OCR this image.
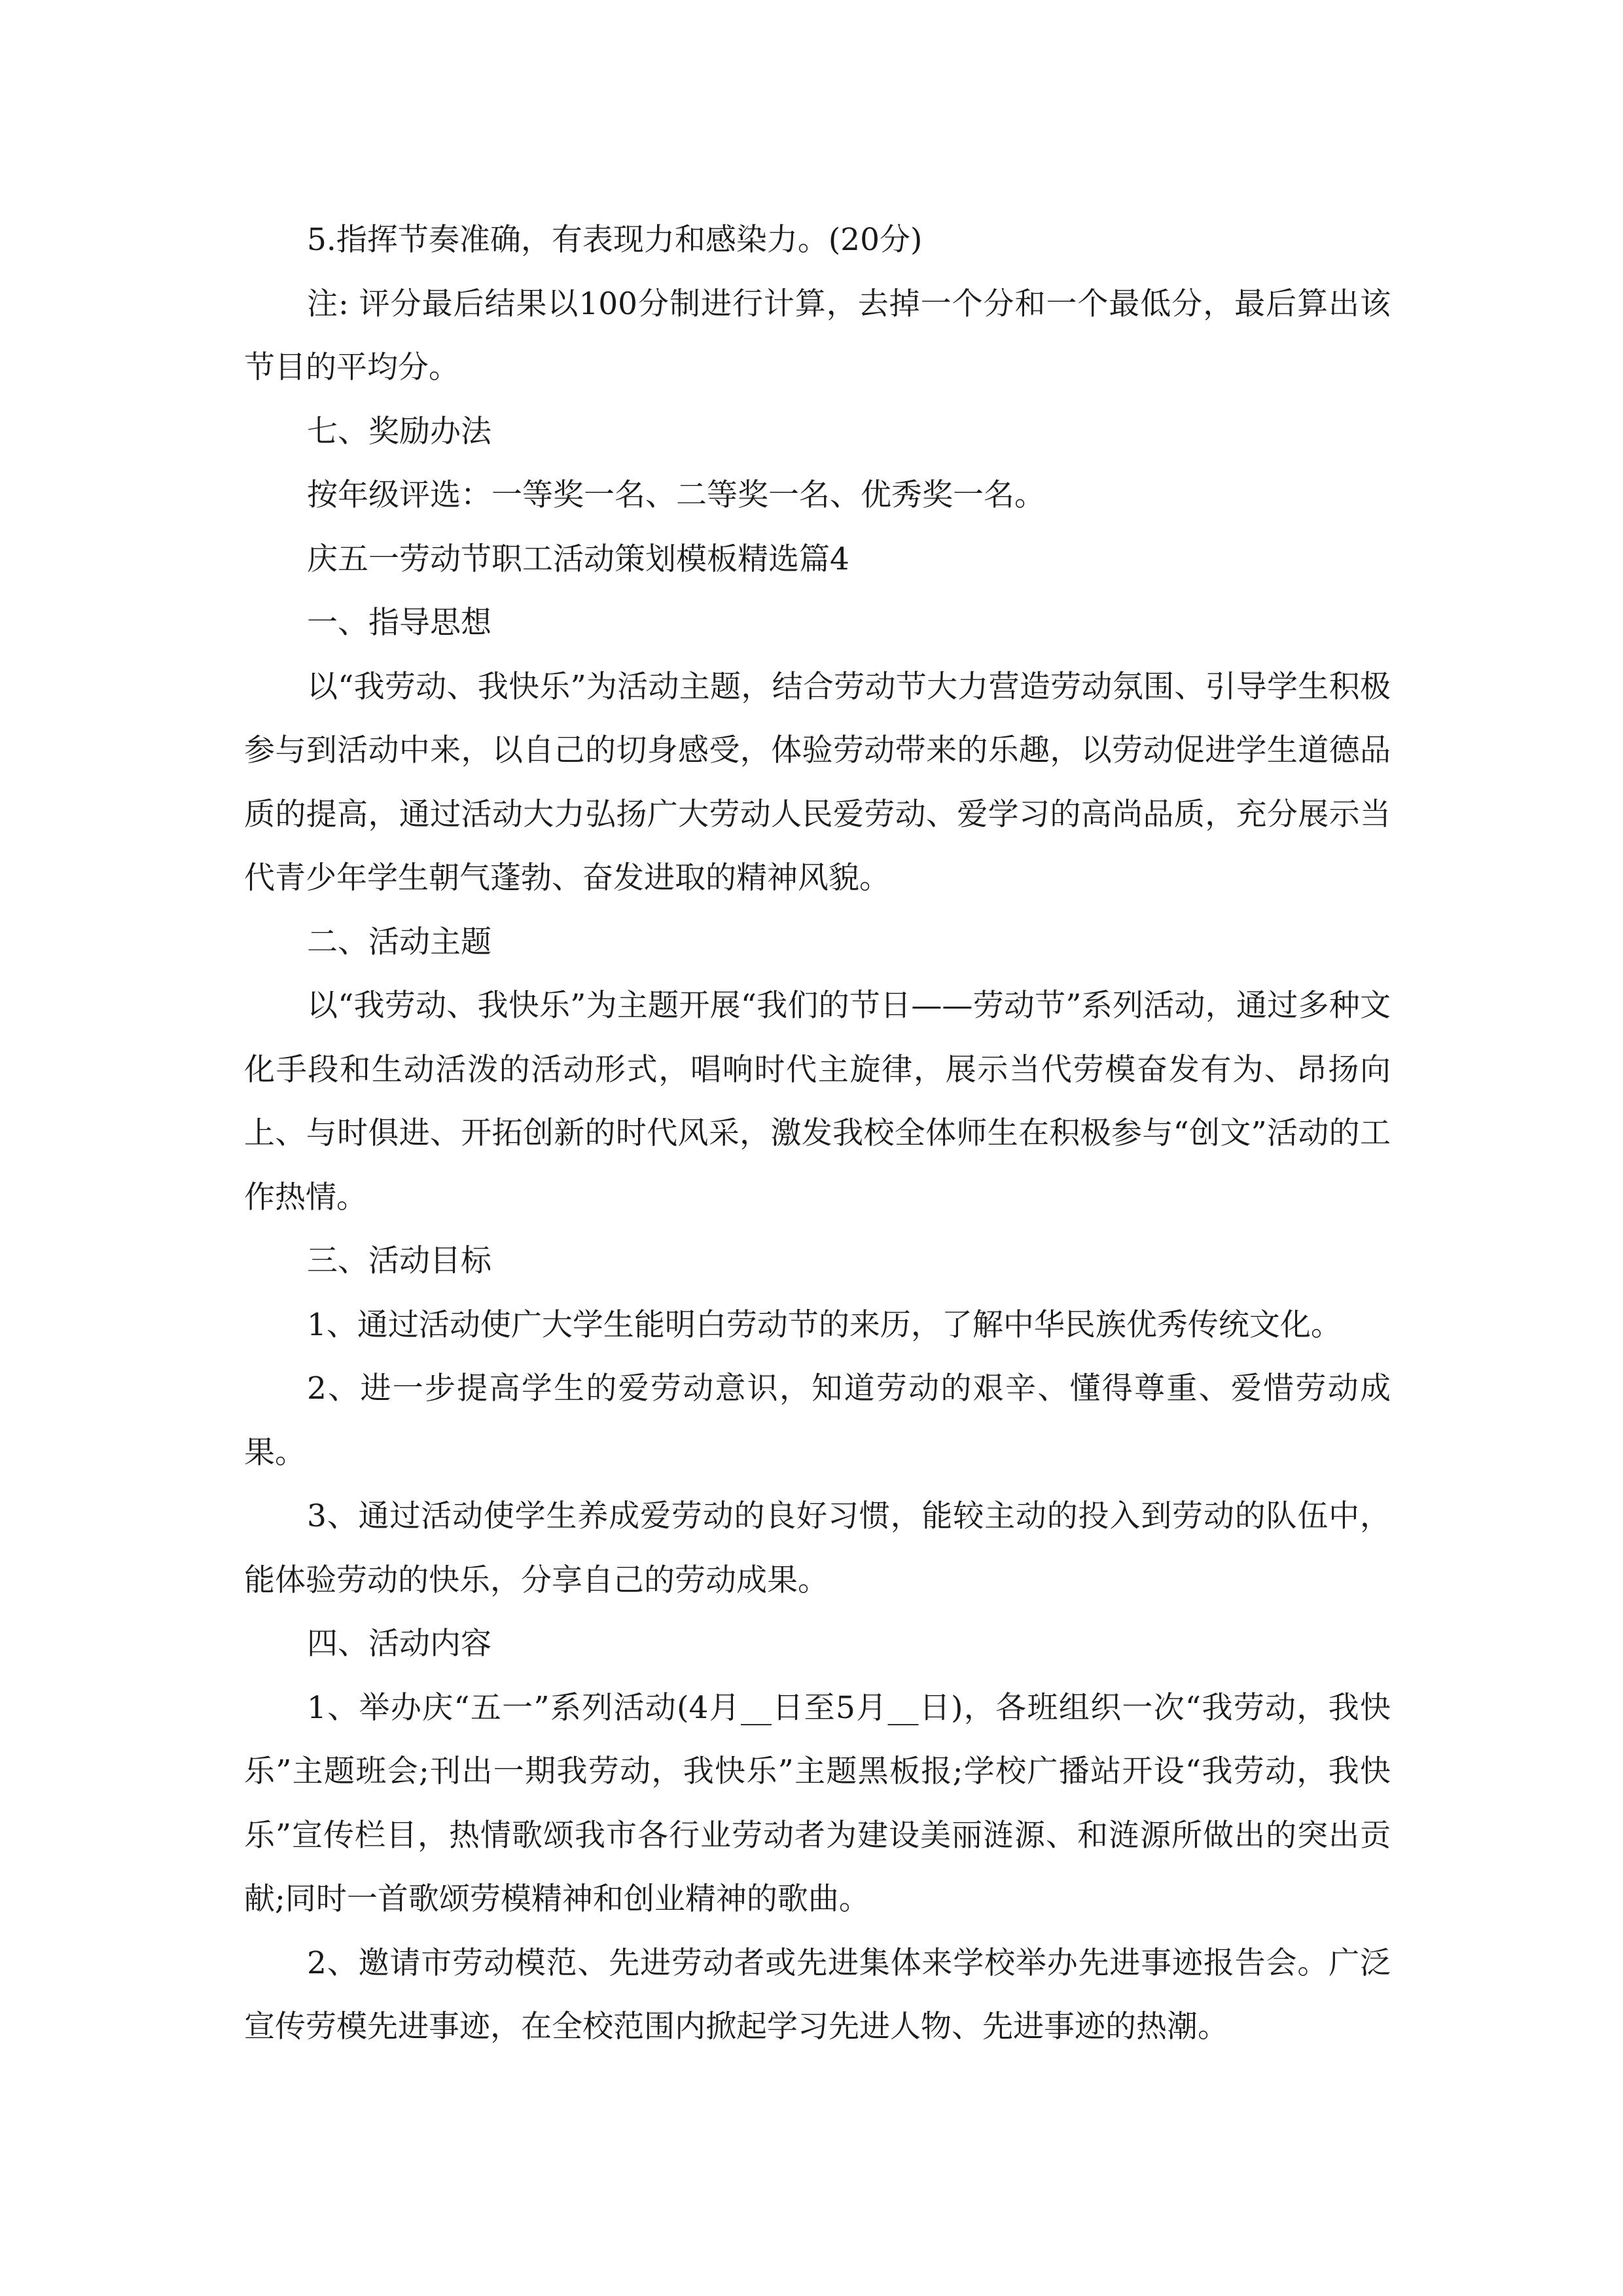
5.指挥节奏准确，有表现力和感染力。(20分)

注: 评分最后结果以100分制进行计算，去掉一个分和一个最低分，最后算出该节目的平均分。

七、奖励办法

按年级评选：一等奖一名、二等奖一名、优秀奖一名。

庆五一劳动节职工活动策划模板精选篇4

一、指导思想

以“我劳动、我快乐”为活动主题，结合劳动节大力营造劳动氛围、引导学生积极参与到活动中来，以自己的切身感受，体验劳动带来的乐趣，以劳动促进学生道德品质的提高，通过活动大力弘扬广大劳动人民爱劳动、爱学习的高尚品质，充分展示当代青少年学生朝气蓬勃、奋发进取的精神风貌。

二、活动主题

以“我劳动、我快乐”为主题开展“我们的节日——劳动节”系列活动，通过多种文化手段和生动活泼的活动形式，唱响时代主旋律，展示当代劳模奋发有为、昂扬向上、与时俱进、开拓创新的时代风采，激发我校全体师生在积极参与“创文”活动的工作热情。

三、活动目标

1、通过活动使广大学生能明白劳动节的来历，了解中华民族优秀传统文化。

2、进一步提高学生的爱劳动意识，知道劳动的艰辛、懂得尊重、爱惜劳动成果。

3、通过活动使学生养成爱劳动的良好习惯，能较主动的投入到劳动的队伍中，能体验劳动的快乐，分享自己的劳动成果。

四、活动内容

1、举办庆“五一”系列活动(4月__日至5月__日)，各班组织一次“我劳动，我快乐”主题班会;刊出一期我劳动，我快乐”主题黑板报;学校广播站开设“我劳动，我快乐”宣传栏目，热情歌颂我市各行业劳动者为建设美丽涟源、和涟源所做出的突出贡献;同时一首歌颂劳模精神和创业精神的歌曲。

2、邀请市劳动模范、先进劳动者或先进集体来学校举办先进事迹报告会。广泛宣传劳模先进事迹，在全校范围内掀起学习先进人物、先进事迹的热潮。
